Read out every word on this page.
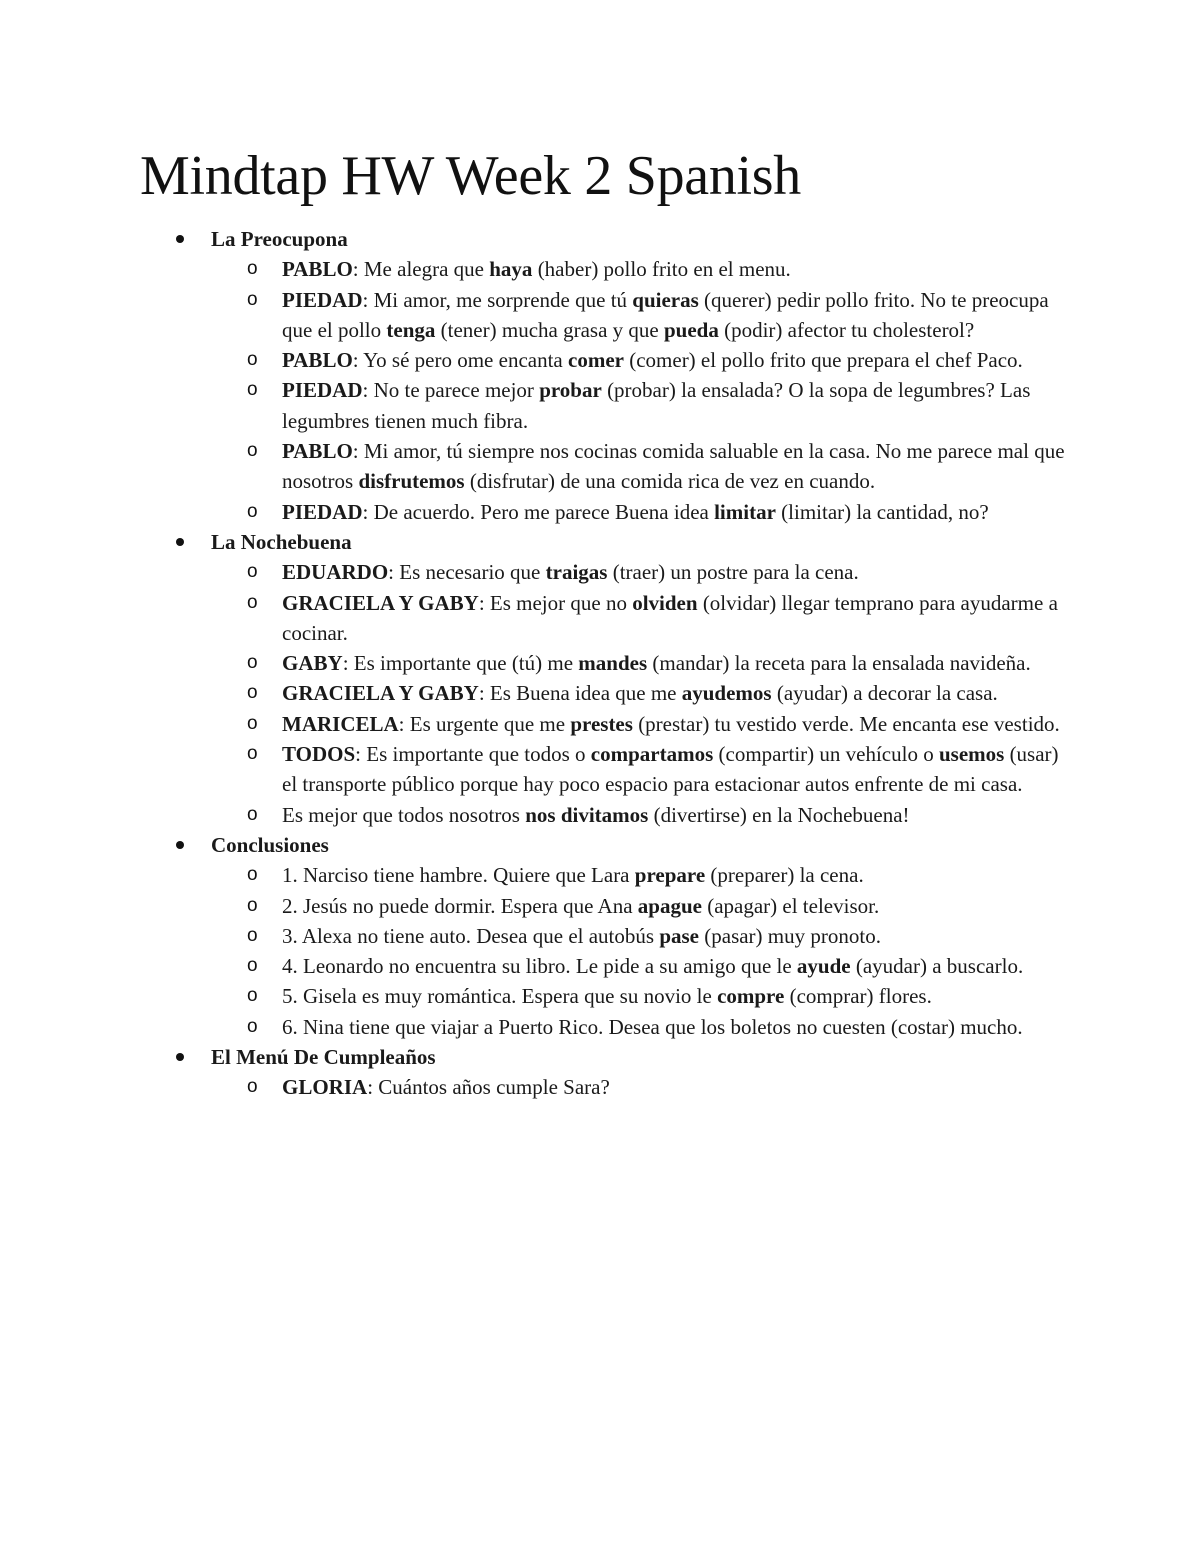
Mindtap HW Week 2 Spanish
La Preocupona
o PABLO: Me alegra que haya (haber) pollo frito en el menu.
o PIEDAD: Mi amor, me sorprende que tú quieras (querer) pedir pollo frito. No te preocupa que el pollo tenga (tener) mucha grasa y que pueda (podir) afector tu cholesterol?
o PABLO: Yo sé pero ome encanta comer (comer) el pollo frito que prepara el chef Paco.
o PIEDAD: No te parece mejor probar (probar) la ensalada? O la sopa de legumbres? Las legumbres tienen much fibra.
o PABLO: Mi amor, tú siempre nos cocinas comida saluable en la casa. No me parece mal que nosotros disfrutemos (disfrutar) de una comida rica de vez en cuando.
o PIEDAD: De acuerdo. Pero me parece Buena idea limitar (limitar) la cantidad, no?
La Nochebuena
o EDUARDO: Es necesario que traigas (traer) un postre para la cena.
o GRACIELA Y GABY: Es mejor que no olviden (olvidar) llegar temprano para ayudarme a cocinar.
o GABY: Es importante que (tú) me mandes (mandar) la receta para la ensalada navideña.
o GRACIELA Y GABY: Es Buena idea que me ayudemos (ayudar) a decorar la casa.
o MARICELA: Es urgente que me prestes (prestar) tu vestido verde. Me encanta ese vestido.
o TODOS: Es importante que todos o compartamos (compartir) un vehículo o usemos (usar) el transporte público porque hay poco espacio para estacionar autos enfrente de mi casa.
o Es mejor que todos nosotros nos divitamos (divertirse) en la Nochebuena!
Conclusiones
o 1. Narciso tiene hambre. Quiere que Lara prepare (preparer) la cena.
o 2. Jesús no puede dormir. Espera que Ana apague (apagar) el televisor.
o 3. Alexa no tiene auto. Desea que el autobús pase (pasar) muy pronoto.
o 4. Leonardo no encuentra su libro. Le pide a su amigo que le ayude (ayudar) a buscarlo.
o 5. Gisela es muy romántica. Espera que su novio le compre (comprar) flores.
o 6. Nina tiene que viajar a Puerto Rico. Desea que los boletos no cuesten (costar) mucho.
El Menú De Cumpleaños
o GLORIA: Cuántos años cumple Sara?
